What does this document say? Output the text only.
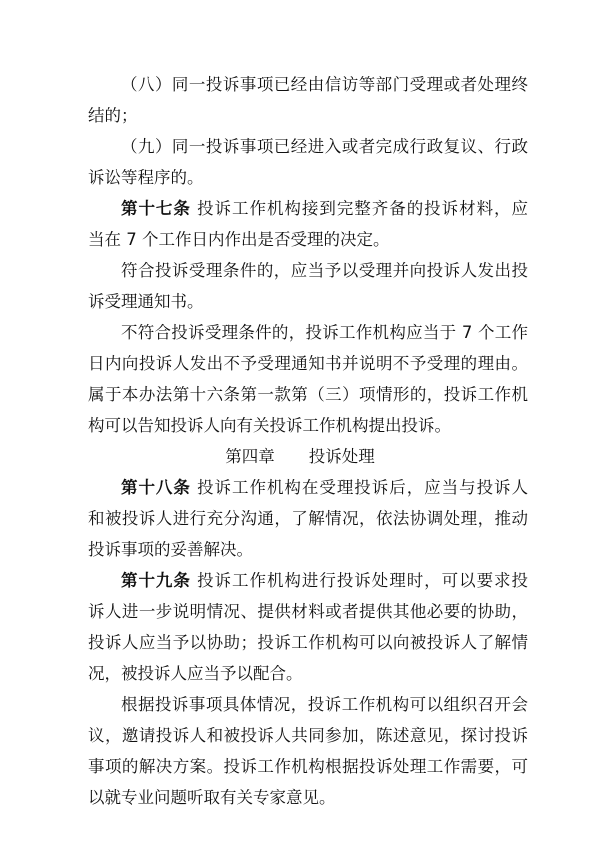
（八）同一投诉事项已经由信访等部门受理或者处理终
结的；
（九）同一投诉事项已经进入或者完成行政复议、行政
诉讼等程序的。
第十七条 投诉工作机构接到完整齐备的投诉材料，应
当在 7 个工作日内作出是否受理的决定。
符合投诉受理条件的，应当予以受理并向投诉人发出投
诉受理通知书。
不符合投诉受理条件的，投诉工作机构应当于 7 个工作
日内向投诉人发出不予受理通知书并说明不予受理的理由。
属于本办法第十六条第一款第（三）项情形的，投诉工作机
构可以告知投诉人向有关投诉工作机构提出投诉。
第四章 投诉处理
第十八条 投诉工作机构在受理投诉后，应当与投诉人
和被投诉人进行充分沟通，了解情况，依法协调处理，推动
投诉事项的妥善解决。
第十九条 投诉工作机构进行投诉处理时，可以要求投
诉人进一步说明情况、提供材料或者提供其他必要的协助，
投诉人应当予以协助；投诉工作机构可以向被投诉人了解情
况，被投诉人应当予以配合。
根据投诉事项具体情况，投诉工作机构可以组织召开会
议，邀请投诉人和被投诉人共同参加，陈述意见，探讨投诉
事项的解决方案。投诉工作机构根据投诉处理工作需要，可
以就专业问题听取有关专家意见。
